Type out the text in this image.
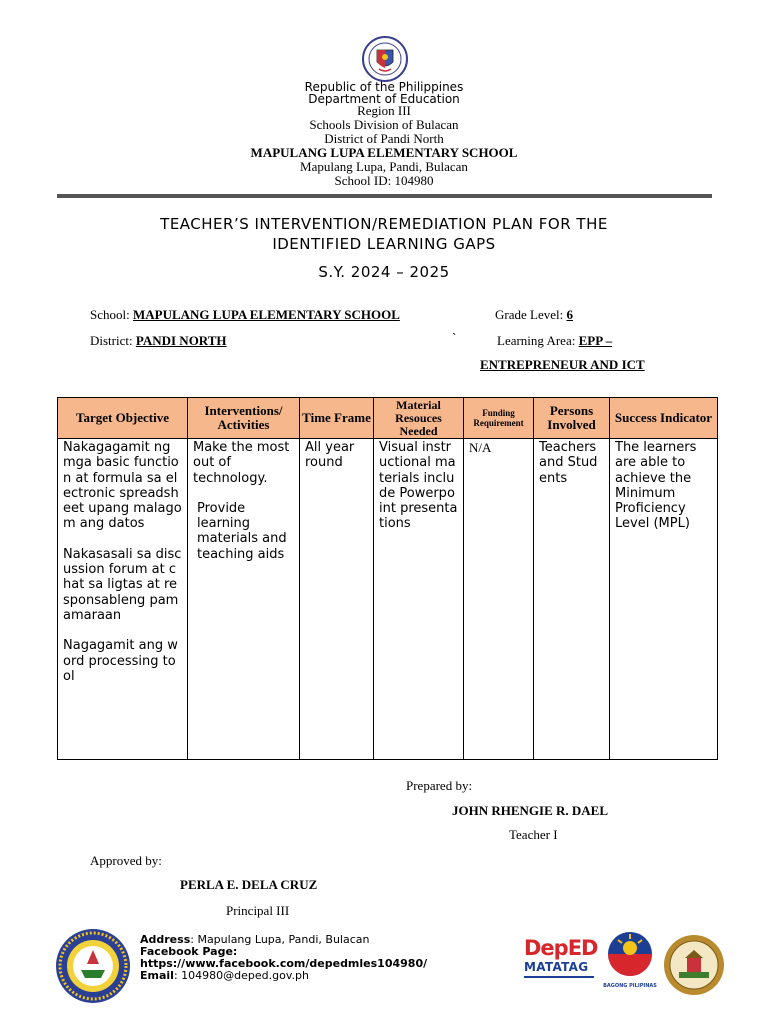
Republic of the Philippines
Department of Education
Region III
Schools Division of Bulacan
District of Pandi North
MAPULANG LUPA ELEMENTARY SCHOOL
Mapulang Lupa, Pandi, Bulacan
School ID: 104980
TEACHER’S INTERVENTION/REMEDIATION PLAN FOR THE
IDENTIFIED LEARNING GAPS
S.Y. 2024 – 2025
School: MAPULANG LUPA ELEMENTARY SCHOOL	Grade Level: 6
District: PANDI NORTH	`	Learning Area: EPP –
ENTREPRENEUR AND ICT
Target Objective	Interventions/ Activities	Time Frame	Material Resouces Needed	Funding Requirement	Persons Involved	Success Indicator

Nakagagamit ng mga basic function at formula sa electronic spreadsheet upang malagom ang datos
Nakasasali sa discussion forum at chat sa ligtas at responsableng pamamaraan
Nagagamit ang word processing tool	Make the most out of technology.
Provide learning materials and teaching aids	All year round	Visual instructional materials include Powerpoint presentations	N/A	Teachers and Students	The learners are able to achieve the Minimum Proficiency Level (MPL)
Prepared by:
JOHN RHENGIE R. DAEL
Teacher I
Approved by:
PERLA E. DELA CRUZ
Principal III
Address: Mapulang Lupa, Pandi, Bulacan
Facebook Page:
https://www.facebook.com/depedmles104980/
Email: 104980@deped.gov.ph
DepED
MATATAG
BAGONG PILIPINAS
